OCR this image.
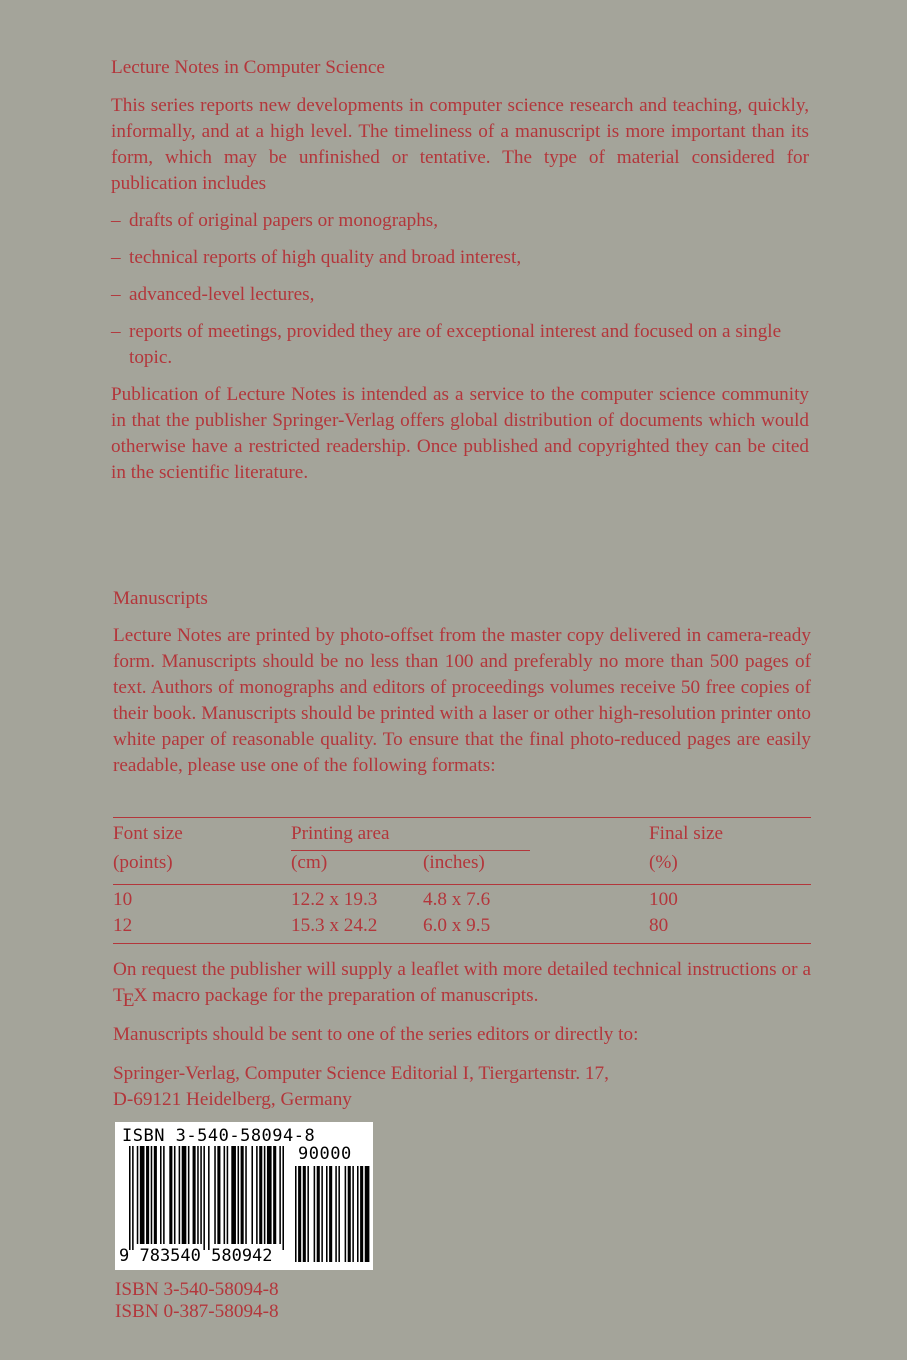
Lecture Notes in Computer Science

This series reports new developments in computer science research and teaching, quickly, informally, and at a high level. The timeliness of a manuscript is more important than its form, which may be unfinished or tentative. The type of material considered for publication includes

– drafts of original papers or monographs,

– technical reports of high quality and broad interest,

– advanced-level lectures,

– reports of meetings, provided they are of exceptional interest and focused on a single topic.

Publication of Lecture Notes is intended as a service to the computer science community in that the publisher Springer-Verlag offers global distribution of documents which would otherwise have a restricted readership. Once published and copyrighted they can be cited in the scientific literature.

Manuscripts

Lecture Notes are printed by photo-offset from the master copy delivered in camera-ready form. Manuscripts should be no less than 100 and preferably no more than 500 pages of text. Authors of monographs and editors of proceedings volumes receive 50 free copies of their book. Manuscripts should be printed with a laser or other high-resolution printer onto white paper of reasonable quality. To ensure that the final photo-reduced pages are easily readable, please use one of the following formats:

Font size	Printing area	Final size
(points)	(cm)	(inches)	(%)
10	12.2 x 19.3 4.8 x 7.6	100
12	15.3 x 24.2 6.0 x 9.5	80

On request the publisher will supply a leaflet with more detailed technical instructions or a TEX macro package for the preparation of manuscripts.

Manuscripts should be sent to one of the series editors or directly to:

Springer-Verlag, Computer Science Editorial I, Tiergartenstr. 17,

D-69121 Heidelberg, Germany

ISBN 3-540-58094-8
90000
9 783540 580942

ISBN 3-540-58094-8

ISBN 0-387-58094-8
